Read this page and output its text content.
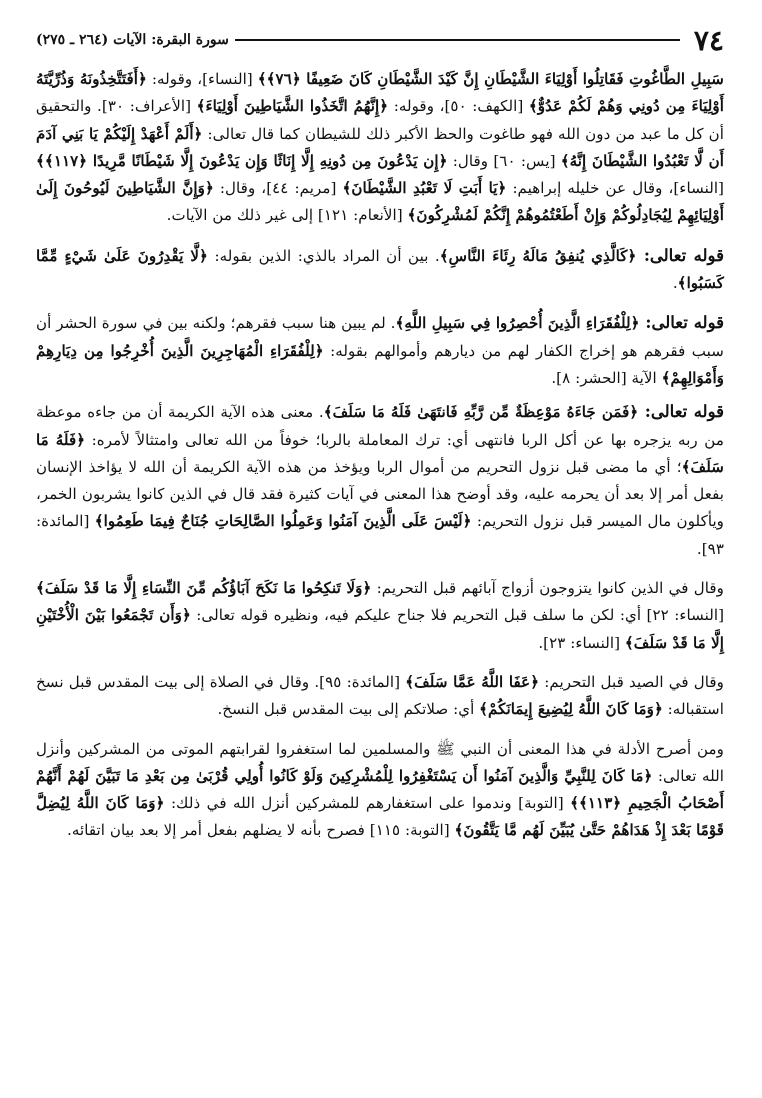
٧٤
سورة البقرة: الآيات (٢٦٤ ـ ٢٧٥)

سَبِيلِ الطَّاغُوتِ فَقَاتِلُوا أَوْلِيَاءَ الشَّيْطَانِ إِنَّ كَيْدَ الشَّيْطَانِ كَانَ ضَعِيفًا ﴿٧٦﴾﴾ [النساء]، وقوله: ﴿أَفَتَتَّخِذُونَهُ وَذُرِّيَّتَهُ أَوْلِيَاءَ مِن دُونِي وَهُمْ لَكُمْ عَدُوٌّ﴾ [الكهف: ٥٠]، وقوله: ﴿إِنَّهُمُ اتَّخَذُوا الشَّيَاطِينَ أَوْلِيَاءَ﴾ [الأعراف: ٣٠]. والتحقيق أن كل ما عبد من دون الله فهو طاغوت والحظ الأكبر ذلك للشيطان كما قال تعالى: ﴿أَلَمْ أَعْهَدْ إِلَيْكُمْ يَا بَنِي آدَمَ أَن لَّا تَعْبُدُوا الشَّيْطَانَ إِنَّهُ﴾ [يس: ٦٠] وقال: ﴿إِن يَدْعُونَ مِن دُونِهِ إِلَّا إِنَاثًا وَإِن يَدْعُونَ إِلَّا شَيْطَانًا مَّرِيدًا ﴿١١٧﴾﴾ [النساء]، وقال عن خليله إبراهيم: ﴿يَا أَبَتِ لَا تَعْبُدِ الشَّيْطَانَ﴾ [مريم: ٤٤]، وقال: ﴿وَإِنَّ الشَّيَاطِينَ لَيُوحُونَ إِلَىٰ أَوْلِيَائِهِمْ لِيُجَادِلُوكُمْ وَإِنْ أَطَعْتُمُوهُمْ إِنَّكُمْ لَمُشْرِكُونَ﴾ [الأنعام: ١٢١] إلى غير ذلك من الآيات.

قوله تعالى: ﴿كَالَّذِي يُنفِقُ مَالَهُ رِئَاءَ النَّاسِ﴾. بين أن المراد بالذي: الذين بقوله: ﴿لَّا يَقْدِرُونَ عَلَىٰ شَيْءٍ مِّمَّا كَسَبُوا﴾.

قوله تعالى: ﴿لِلْفُقَرَاءِ الَّذِينَ أُحْصِرُوا فِي سَبِيلِ اللَّهِ﴾. لم يبين هنا سبب فقرهم؛ ولكنه بين في سورة الحشر أن سبب فقرهم هو إخراج الكفار لهم من ديارهم وأموالهم بقوله: ﴿لِلْفُقَرَاءِ الْمُهَاجِرِينَ الَّذِينَ أُخْرِجُوا مِن دِيَارِهِمْ وَأَمْوَالِهِمْ﴾ الآية [الحشر: ٨].

قوله تعالى: ﴿فَمَن جَاءَهُ مَوْعِظَةٌ مِّن رَّبِّهِ فَانتَهَىٰ فَلَهُ مَا سَلَفَ﴾. معنى هذه الآية الكريمة أن من جاءه موعظة من ربه يزجره بها عن أكل الربا فانتهى أي: ترك المعاملة بالربا؛ خوفاً من الله تعالى وامتثالاً لأمره: ﴿فَلَهُ مَا سَلَفَ﴾؛ أي ما مضى قبل نزول التحريم من أموال الربا ويؤخذ من هذه الآية الكريمة أن الله لا يؤاخذ الإنسان بفعل أمر إلا بعد أن يحرمه عليه، وقد أوضح هذا المعنى في آيات كثيرة فقد قال في الذين كانوا يشربون الخمر، ويأكلون مال الميسر قبل نزول التحريم: ﴿لَيْسَ عَلَى الَّذِينَ آمَنُوا وَعَمِلُوا الصَّالِحَاتِ جُنَاحٌ فِيمَا طَعِمُوا﴾ [المائدة: ٩٣].

وقال في الذين كانوا يتزوجون أزواج آبائهم قبل التحريم: ﴿وَلَا تَنكِحُوا مَا نَكَحَ آبَاؤُكُم مِّنَ النِّسَاءِ إِلَّا مَا قَدْ سَلَفَ﴾ [النساء: ٢٢] أي: لكن ما سلف قبل التحريم فلا جناح عليكم فيه، ونظيره قوله تعالى: ﴿وَأَن تَجْمَعُوا بَيْنَ الْأُخْتَيْنِ إِلَّا مَا قَدْ سَلَفَ﴾ [النساء: ٢٣].

وقال في الصيد قبل التحريم: ﴿عَفَا اللَّهُ عَمَّا سَلَفَ﴾ [المائدة: ٩٥]. وقال في الصلاة إلى بيت المقدس قبل نسخ استقباله: ﴿وَمَا كَانَ اللَّهُ لِيُضِيعَ إِيمَانَكُمْ﴾ أي: صلاتكم إلى بيت المقدس قبل النسخ.

ومن أصرح الأدلة في هذا المعنى أن النبي ﷺ والمسلمين لما استغفروا لقرابتهم الموتى من المشركين وأنزل الله تعالى: ﴿مَا كَانَ لِلنَّبِيِّ وَالَّذِينَ آمَنُوا أَن يَسْتَغْفِرُوا لِلْمُشْرِكِينَ وَلَوْ كَانُوا أُولِي قُرْبَىٰ مِن بَعْدِ مَا تَبَيَّنَ لَهُمْ أَنَّهُمْ أَصْحَابُ الْجَحِيمِ ﴿١١٣﴾﴾ [التوبة] وندموا على استغفارهم للمشركين أنزل الله في ذلك: ﴿وَمَا كَانَ اللَّهُ لِيُضِلَّ قَوْمًا بَعْدَ إِذْ هَدَاهُمْ حَتَّىٰ يُبَيِّنَ لَهُم مَّا يَتَّقُونَ﴾ [التوبة: ١١٥] فصرح بأنه لا يضلهم بفعل أمر إلا بعد بيان اتقائه.
